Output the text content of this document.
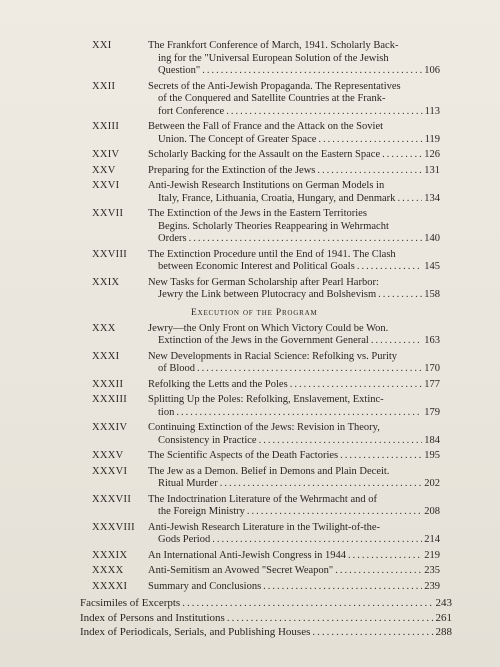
XXI	The Frankfort Conference of March, 1941. Scholarly Back-
ing for the "Universal European Solution of the Jewish
Question" .....	106
XXII	Secrets of the Anti-Jewish Propaganda. The Representatives
of the Conquered and Satellite Countries at the Frank-
fort Conference .....	113
XXIII	Between the Fall of France and the Attack on the Soviet
Union. The Concept of Greater Space .....	119
XXIV	Scholarly Backing for the Assault on the Eastern Space .....	126
XXV	Preparing for the Extinction of the Jews .....	131
XXVI	Anti-Jewish Research Institutions on German Models in
Italy, France, Lithuania, Croatia, Hungary, and Denmark .....	134
XXVII The Extinction of the Jews in the Eastern Territories
Begins. Scholarly Theories Reappearing in Wehrmacht
Orders .....	140
XXVIII The Extinction Procedure until the End of 1941. The Clash
between Economic Interest and Political Goals .....	145
XXIX	New Tasks for German Scholarship after Pearl Harbor:
Jewry the Link between Plutocracy and Bolshevism .....	158
Execution of the Program
XXX	Jewry—the Only Front on Which Victory Could be Won.
Extinction of the Jews in the Government General .....	163
XXXI	New Developments in Racial Science: Refolking vs. Purity
of Blood .....	170
XXXII Refolking the Letts and the Poles .....	177
XXXIII Splitting Up the Poles: Refolking, Enslavement, Extinc-
tion .....	179
XXXIV Continuing Extinction of the Jews: Revision in Theory,
Consistency in Practice .....	184
XXXV The Scientific Aspects of the Death Factories .....	195
XXXVI The Jew as a Demon. Belief in Demons and Plain Deceit.
Ritual Murder .....	202
XXXVII The Indoctrination Literature of the Wehrmacht and of
the Foreign Ministry .....	208
XXXVIII Anti-Jewish Research Literature in the Twilight-of-the-
Gods Period .....	214
XXXIX An International Anti-Jewish Congress in 1944 .....	219
XXXX Anti-Semitism an Avowed "Secret Weapon" .....	235
XXXXI Summary and Conclusions .....	239
Facsimiles of Excerpts .....	243
Index of Persons and Institutions .....	261
Index of Periodicals, Serials, and Publishing Houses .....	288
